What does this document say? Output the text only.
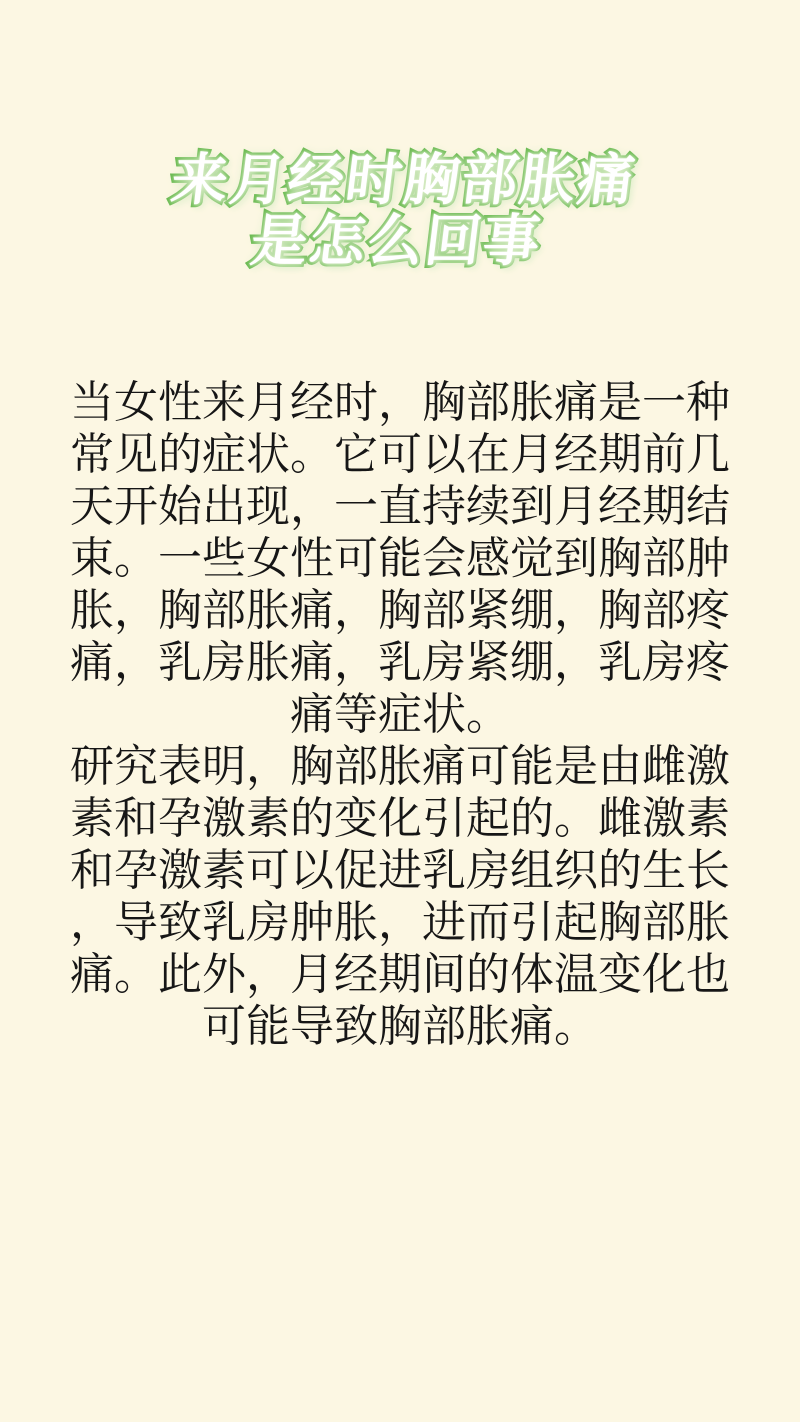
来月经时胸部胀痛
是怎么回事
当女性来月经时，胸部胀痛是一种
常见的症状。它可以在月经期前几
天开始出现，一直持续到月经期结
束。一些女性可能会感觉到胸部肿
胀，胸部胀痛，胸部紧绷，胸部疼
痛，乳房胀痛，乳房紧绷，乳房疼
痛等症状。
研究表明，胸部胀痛可能是由雌激
素和孕激素的变化引起的。雌激素
和孕激素可以促进乳房组织的生长
，导致乳房肿胀，进而引起胸部胀
痛。此外，月经期间的体温变化也
可能导致胸部胀痛。
